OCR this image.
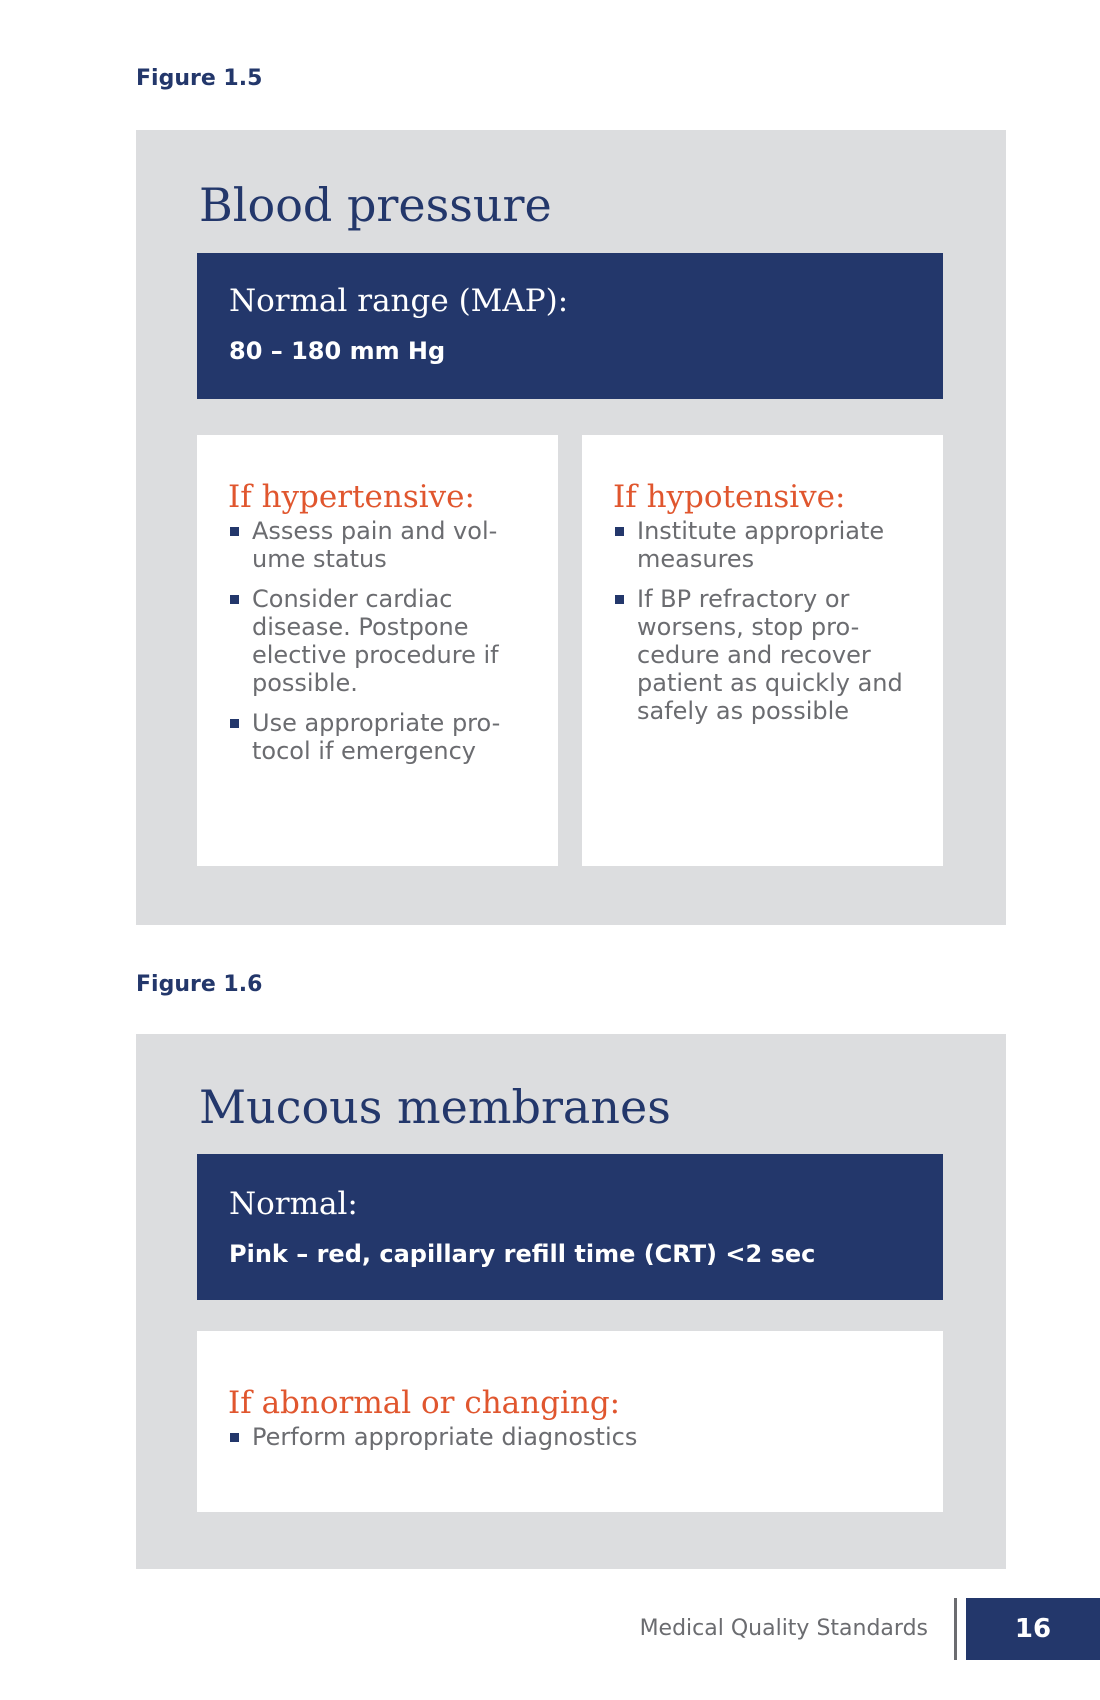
Figure 1.5
Blood pressure
Normal range (MAP):
80 – 180 mm Hg
If hypertensive:
Assess pain and vol-
ume status
Consider cardiac
disease. Postpone
elective procedure if
possible.
Use appropriate pro-
tocol if emergency
If hypotensive:
Institute appropriate
measures
If BP refractory or
worsens, stop pro-
cedure and recover
patient as quickly and
safely as possible
Figure 1.6
Mucous membranes
Normal:
Pink – red, capillary refill time (CRT) <2 sec
If abnormal or changing:
Perform appropriate diagnostics
Medical Quality Standards	16
